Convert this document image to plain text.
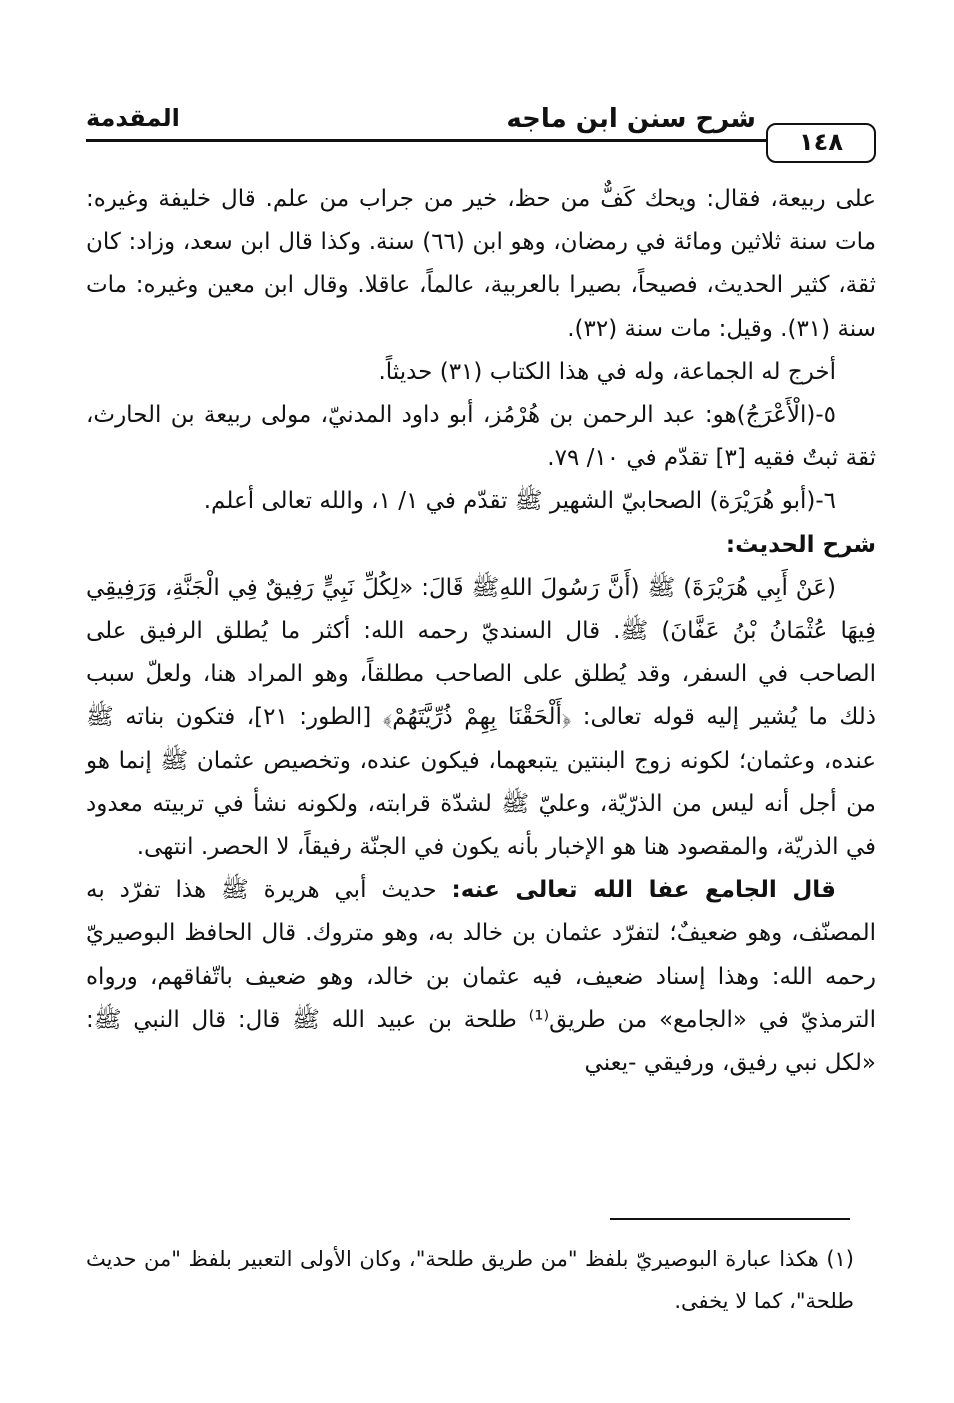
المقدمة	شرح سنن ابن ماجه
١٤٨

على ربيعة، فقال: ويحك كَفٌّ من حظ، خير من جراب من علم. قال خليفة وغيره: مات سنة ثلاثين ومائة في رمضان، وهو ابن (٦٦) سنة. وكذا قال ابن سعد، وزاد: كان ثقة، كثير الحديث، فصيحاً، بصيرا بالعربية، عالماً، عاقلا. وقال ابن معين وغيره: مات سنة (٣١). وقيل: مات سنة (٣٢).

أخرج له الجماعة، وله في هذا الكتاب (٣١) حديثاً.

٥-(الْأَعْرَجُ)هو: عبد الرحمن بن هُرْمُز، أبو داود المدنيّ، مولى ربيعة بن الحارث، ثقة ثبتٌ فقيه [٣] تقدّم في ١٠/ ٧٩.

٦-(أبو هُرَيْرَة) الصحابيّ الشهير ﷺ تقدّم في ١/ ١، والله تعالى أعلم.

شرح الحديث:

(عَنْ أَبِي هُرَيْرَةَ) ﷺ (أَنَّ رَسُولَ اللهِﷺ قَالَ: «لِكُلِّ نَبِيٍّ رَفِيقٌ فِي الْجَنَّةِ، وَرَفِيقِي فِيهَا عُثْمَانُ بْنُ عَفَّانَ) ﷺ. قال السنديّ رحمه الله: أكثر ما يُطلق الرفيق على الصاحب في السفر، وقد يُطلق على الصاحب مطلقاً، وهو المراد هنا، ولعلّ سبب ذلك ما يُشير إليه قوله تعالى: ﴿أَلْحَقْنَا بِهِمْ ذُرِّيَّتَهُمْ﴾ [الطور: ٢١]، فتكون بناته ﷺ عنده، وعثمان؛ لكونه زوج البنتين يتبعهما، فيكون عنده، وتخصيص عثمان ﷺ إنما هو من أجل أنه ليس من الذرّيّة، وعليّ ﷺ لشدّة قرابته، ولكونه نشأ في تربيته معدود في الذريّة، والمقصود هنا هو الإخبار بأنه يكون في الجنّة رفيقاً، لا الحصر. انتهى.

قال الجامع عفا الله تعالى عنه: حديث أبي هريرة ﷺ هذا تفرّد به المصنّف، وهو ضعيفٌ؛ لتفرّد عثمان بن خالد به، وهو متروك. قال الحافظ البوصيريّ رحمه الله: وهذا إسناد ضعيف، فيه عثمان بن خالد، وهو ضعيف باتّفاقهم، ورواه الترمذيّ في «الجامع» من طريق⁽¹⁾ طلحة بن عبيد الله ﷺ قال: قال النبي ﷺ: «لكل نبي رفيق، ورفيقي -يعني

(١) هكذا عبارة البوصيريّ بلفظ "من طريق طلحة"، وكان الأولى التعبير بلفظ "من حديث طلحة"، كما لا يخفى.
